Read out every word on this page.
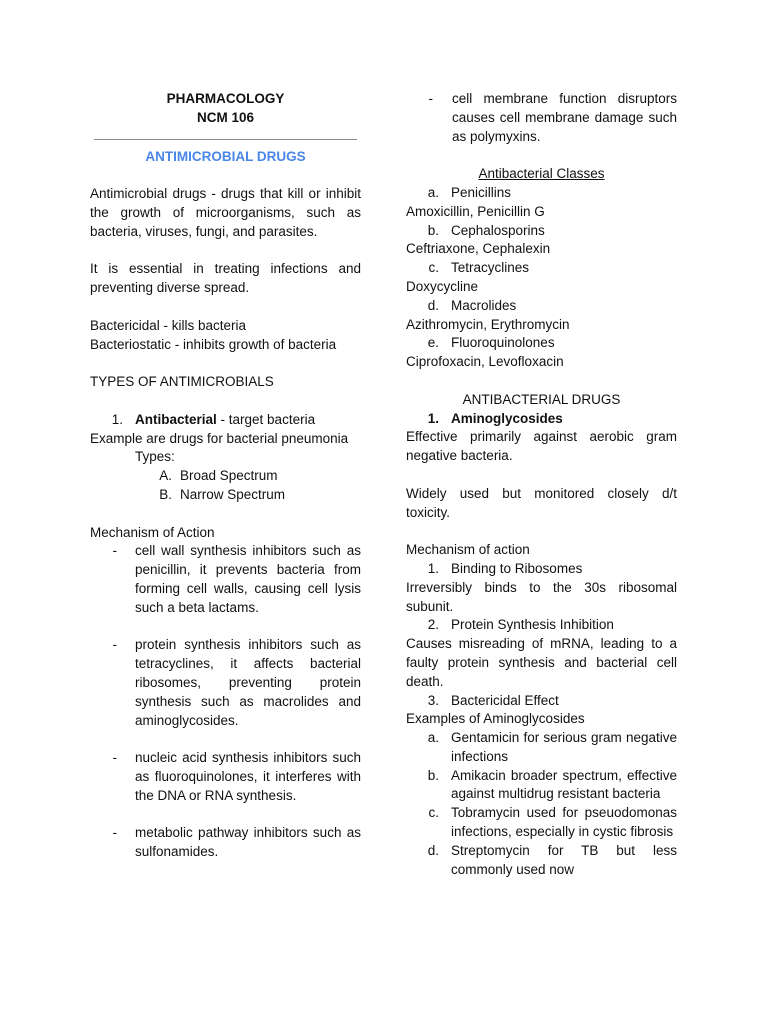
PHARMACOLOGY
NCM 106
ANTIMICROBIAL DRUGS
Antimicrobial drugs - drugs that kill or inhibit the growth of microorganisms, such as bacteria, viruses, fungi, and parasites.
It is essential in treating infections and preventing diverse spread.
Bactericidal - kills bacteria
Bacteriostatic - inhibits growth of bacteria
TYPES OF ANTIMICROBIALS
1. Antibacterial - target bacteria
Example are drugs for bacterial pneumonia
Types:
A. Broad Spectrum
B. Narrow Spectrum
Mechanism of Action
-	cell wall synthesis inhibitors such as penicillin, it prevents bacteria from forming cell walls, causing cell lysis such a beta lactams.
-	protein synthesis inhibitors such as tetracyclines, it affects bacterial ribosomes, preventing protein synthesis such as macrolides and aminoglycosides.
-	nucleic acid synthesis inhibitors such as fluoroquinolones, it interferes with the DNA or RNA synthesis.
-	metabolic pathway inhibitors such as sulfonamides.
-	cell membrane function disruptors causes cell membrane damage such as polymyxins.
Antibacterial Classes
a. Penicillins
Amoxicillin, Penicillin G
b. Cephalosporins
Ceftriaxone, Cephalexin
c. Tetracyclines
Doxycycline
d. Macrolides
Azithromycin, Erythromycin
e. Fluoroquinolones
Ciprofoxacin, Levofloxacin
ANTIBACTERIAL DRUGS
1. Aminoglycosides
Effective primarily against aerobic gram negative bacteria.
Widely used but monitored closely d/t toxicity.
Mechanism of action
1. Binding to Ribosomes
Irreversibly binds to the 30s ribosomal subunit.
2. Protein Synthesis Inhibition
Causes misreading of mRNA, leading to a faulty protein synthesis and bacterial cell death.
3. Bactericidal Effect
Examples of Aminoglycosides
a. Gentamicin for serious gram negative infections
b. Amikacin broader spectrum, effective against multidrug resistant bacteria
c. Tobramycin used for pseuodomonas infections, especially in cystic fibrosis
d. Streptomycin for TB but less commonly used now
